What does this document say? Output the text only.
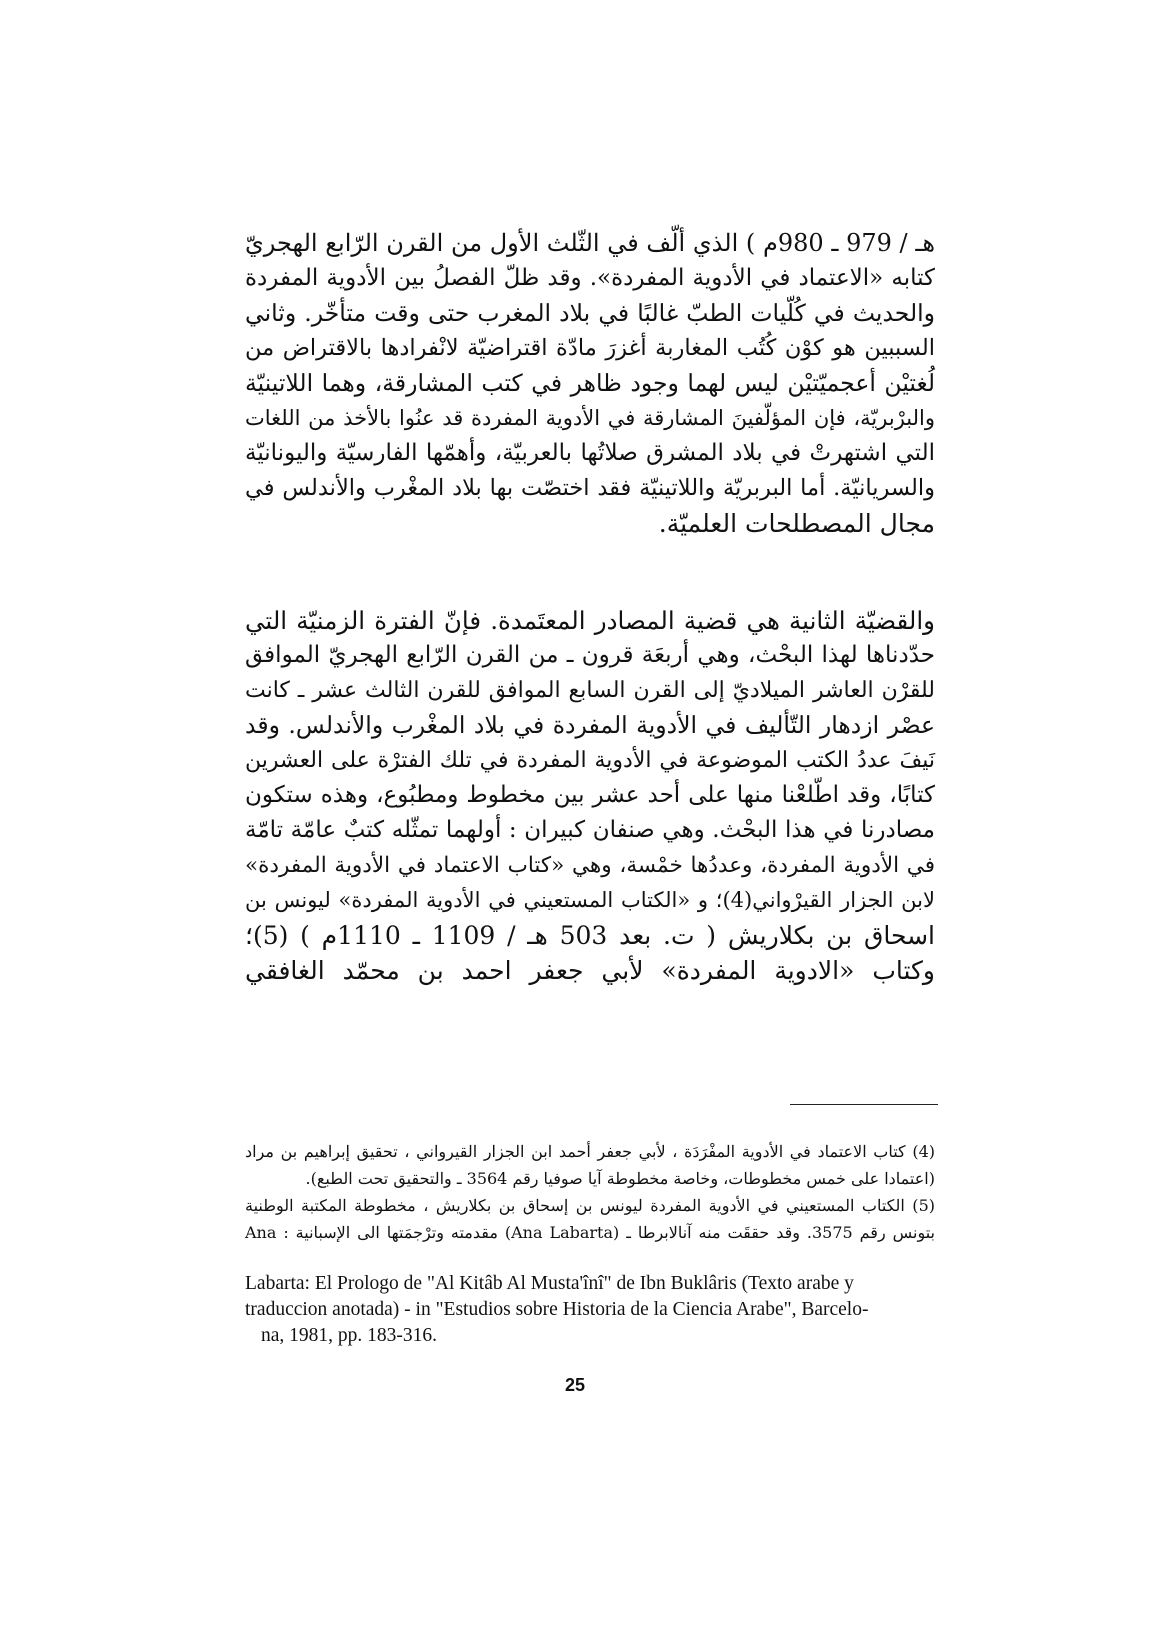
هـ / 979 ـ 980م ) الذي ألّف في الثّلث الأول من القرن الرّابع الهجريّ
كتابه «الاعتماد في الأدوية المفردة». وقد ظلّ الفصلُ بين الأدوية المفردة
والحديث في كُلّيات الطبّ غالبًا في بلاد المغرب حتى وقت متأخّر. وثاني
السببين هو كوْن كُتُب المغاربة أغزرَ مادّة اقتراضيّة لانْفرادها بالاقتراض من
لُغتيْن أعجميّتيْن ليس لهما وجود ظاهر في كتب المشارقة، وهما اللاتينيّة
والبرْبريّة، فإن المؤلّفينَ المشارقة في الأدوية المفردة قد عنُوا بالأخذ من اللغات
التي اشتهرتْ في بلاد المشرق صلاتُها بالعربيّة، وأهمّها الفارسيّة واليونانيّة
والسريانيّة. أما البربريّة واللاتينيّة فقد اختصّت بها بلاد المغْرب والأندلس في
مجال المصطلحات العلميّة.
والقضيّة الثانية هي قضية المصادر المعتَمدة. فإنّ الفترة الزمنيّة التي
حدّدناها لهذا البحْث، وهي أربعَة قرون ـ من القرن الرّابع الهجريّ الموافق
للقرْن العاشر الميلاديّ إلى القرن السابع الموافق للقرن الثالث عشر ـ كانت
عصْر ازدهار التّأليف في الأدوية المفردة في بلاد المغْرب والأندلس. وقد
نَيفَ عددُ الكتب الموضوعة في الأدوية المفردة في تلك الفترْة على العشرين
كتابًا، وقد اطّلعْنا منها على أحد عشر بين مخطوط ومطبُوع، وهذه ستكون
مصادرنا في هذا البحْث. وهي صنفان كبيران : أولهما تمثّله كتبٌ عامّة تامّة
في الأدوية المفردة، وعددُها خمْسة، وهي «كتاب الاعتماد في الأدوية المفردة»
لابن الجزار القيرْواني(4)؛ و «الكتاب المستعيني في الأدوية المفردة» ليونس بن
اسحاق بن بكلاريش ( ت. بعد 503 هـ / 1109 ـ 1110م ) (5)؛
وكتاب «الادوية المفردة» لأبي جعفر احمد بن محمّد الغافقي
(4) كتاب الاعتماد في الأدوية المفْرَدَة ، لأبي جعفر أحمد ابن الجزار القيرواني ، تحقيق إبراهيم بن مراد
(اعتمادا على خمس مخطوطات، وخاصة مخطوطة آيا صوفيا رقم 3564 ـ والتحقيق تحت الطبع).
(5) الكتاب المستعيني في الأدوية المفردة ليونس بن إسحاق بن بكلاريش ، مخطوطة المكتبة الوطنية
بتونس رقم 3575. وقد حققَت منه آنالابرطا ـ (Ana Labarta) مقدمته وترْجمَتها الى الإسبانية : Ana
Labarta: El Prologo de "Al Kitâb Al Musta'înî" de Ibn Buklâris (Texto arabe y
traduccion anotada) - in "Estudios sobre Historia de la Ciencia Arabe", Barcelo-
na, 1981, pp. 183-316.
25
